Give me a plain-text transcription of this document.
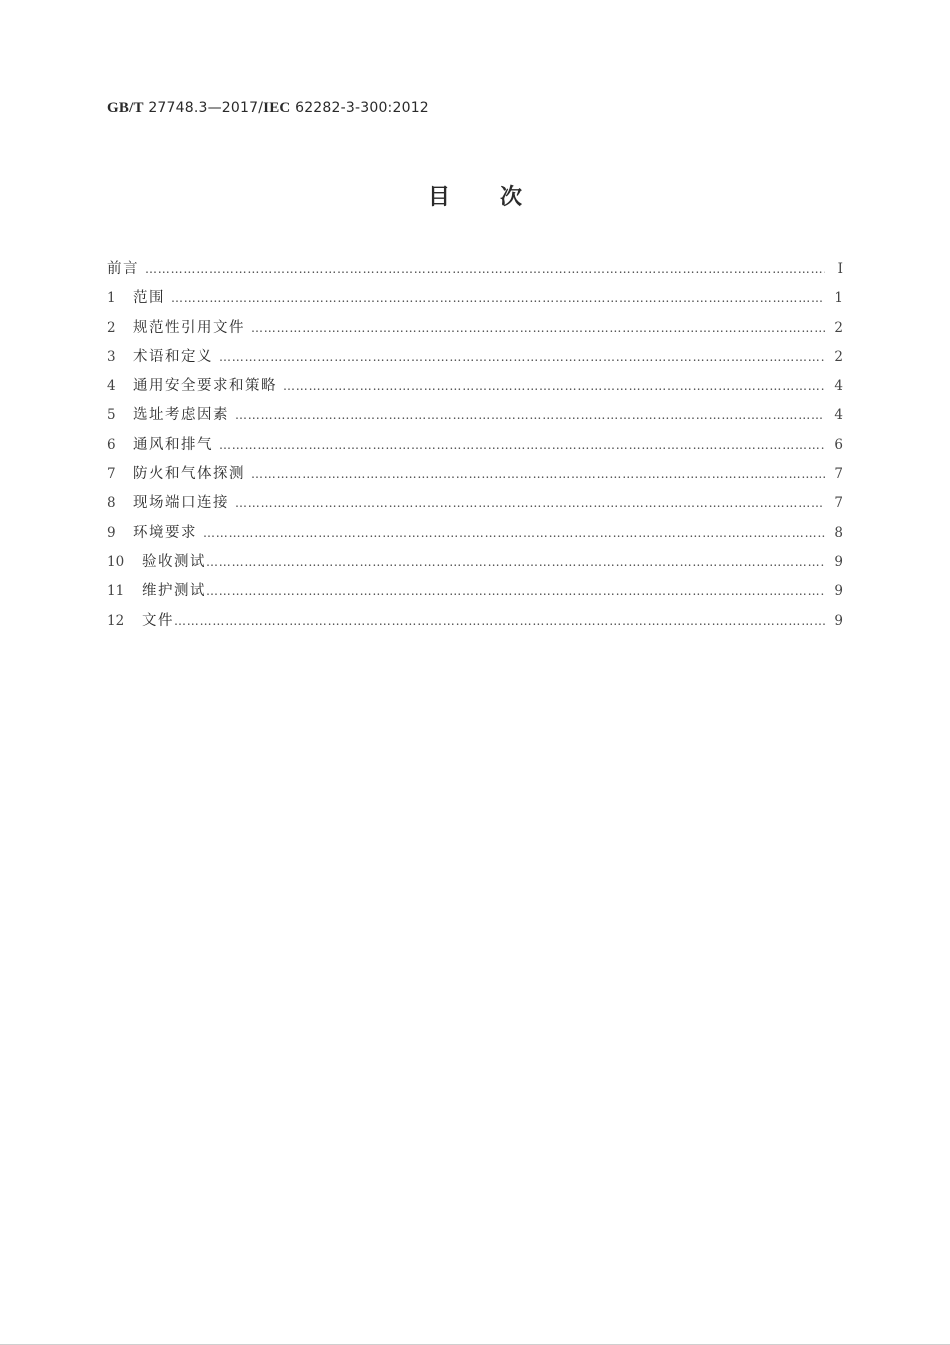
GB/T 27748.3—2017/IEC 62282-3-300:2012
目 次
前言 ……………………………………………………………………………………………………………………………………………………………………………………………………………………………………	Ⅰ
1	范围 ……………………………………………………………………………………………………………………………………………………………………………………………………………………………………	1
2	规范性引用文件 ……………………………………………………………………………………………………………………………………………………………………………………………………………………………………	2
3	术语和定义 ……………………………………………………………………………………………………………………………………………………………………………………………………………………………………	2
4	通用安全要求和策略 ……………………………………………………………………………………………………………………………………………………………………………………………………………………………………	4
5	选址考虑因素 ……………………………………………………………………………………………………………………………………………………………………………………………………………………………………	4
6	通风和排气 ……………………………………………………………………………………………………………………………………………………………………………………………………………………………………	6
7	防火和气体探测 ……………………………………………………………………………………………………………………………………………………………………………………………………………………………………	7
8	现场端口连接 ……………………………………………………………………………………………………………………………………………………………………………………………………………………………………	7
9	环境要求 ……………………………………………………………………………………………………………………………………………………………………………………………………………………………………	8
10	验收测试 ……………………………………………………………………………………………………………………………………………………………………………………………………………………………………	9
11	维护测试 ……………………………………………………………………………………………………………………………………………………………………………………………………………………………………	9
12	文件 ……………………………………………………………………………………………………………………………………………………………………………………………………………………………………	9
